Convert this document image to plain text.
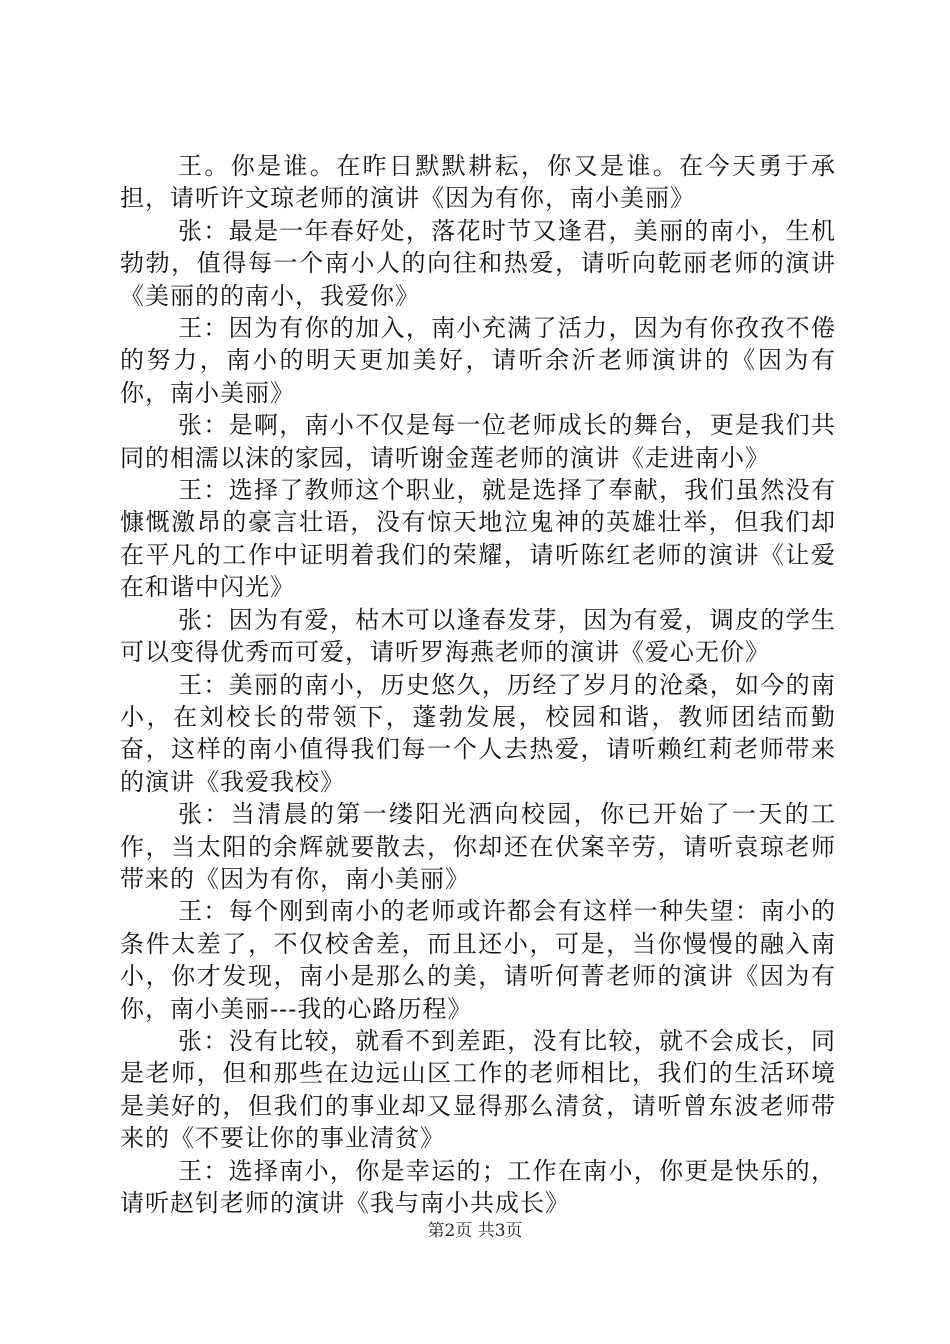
王。你是谁。在昨日默默耕耘，你又是谁。在今天勇于承担，请听许文琼老师的演讲《因为有你，南小美丽》

张：最是一年春好处，落花时节又逢君，美丽的南小，生机勃勃，值得每一个南小人的向往和热爱，请听向乾丽老师的演讲《美丽的的南小，我爱你》

王：因为有你的加入，南小充满了活力，因为有你孜孜不倦的努力，南小的明天更加美好，请听余沂老师演讲的《因为有你，南小美丽》

张：是啊，南小不仅是每一位老师成长的舞台，更是我们共同的相濡以沫的家园，请听谢金莲老师的演讲《走进南小》

王：选择了教师这个职业，就是选择了奉献，我们虽然没有慷慨激昂的豪言壮语，没有惊天地泣鬼神的英雄壮举，但我们却在平凡的工作中证明着我们的荣耀，请听陈红老师的演讲《让爱在和谐中闪光》

张：因为有爱，枯木可以逢春发芽，因为有爱，调皮的学生可以变得优秀而可爱，请听罗海燕老师的演讲《爱心无价》

王：美丽的南小，历史悠久，历经了岁月的沧桑，如今的南小，在刘校长的带领下，蓬勃发展，校园和谐，教师团结而勤奋，这样的南小值得我们每一个人去热爱，请听赖红莉老师带来的演讲《我爱我校》

张：当清晨的第一缕阳光洒向校园，你已开始了一天的工作，当太阳的余辉就要散去，你却还在伏案辛劳，请听袁琼老师带来的《因为有你，南小美丽》

王：每个刚到南小的老师或许都会有这样一种失望：南小的条件太差了，不仅校舍差，而且还小，可是，当你慢慢的融入南小，你才发现，南小是那么的美，请听何菁老师的演讲《因为有你，南小美丽---我的心路历程》

张：没有比较，就看不到差距，没有比较，就不会成长，同是老师，但和那些在边远山区工作的老师相比，我们的生活环境是美好的，但我们的事业却又显得那么清贫，请听曾东波老师带来的《不要让你的事业清贫》

王：选择南小，你是幸运的；工作在南小，你更是快乐的，请听赵钊老师的演讲《我与南小共成长》

第2页 共3页
